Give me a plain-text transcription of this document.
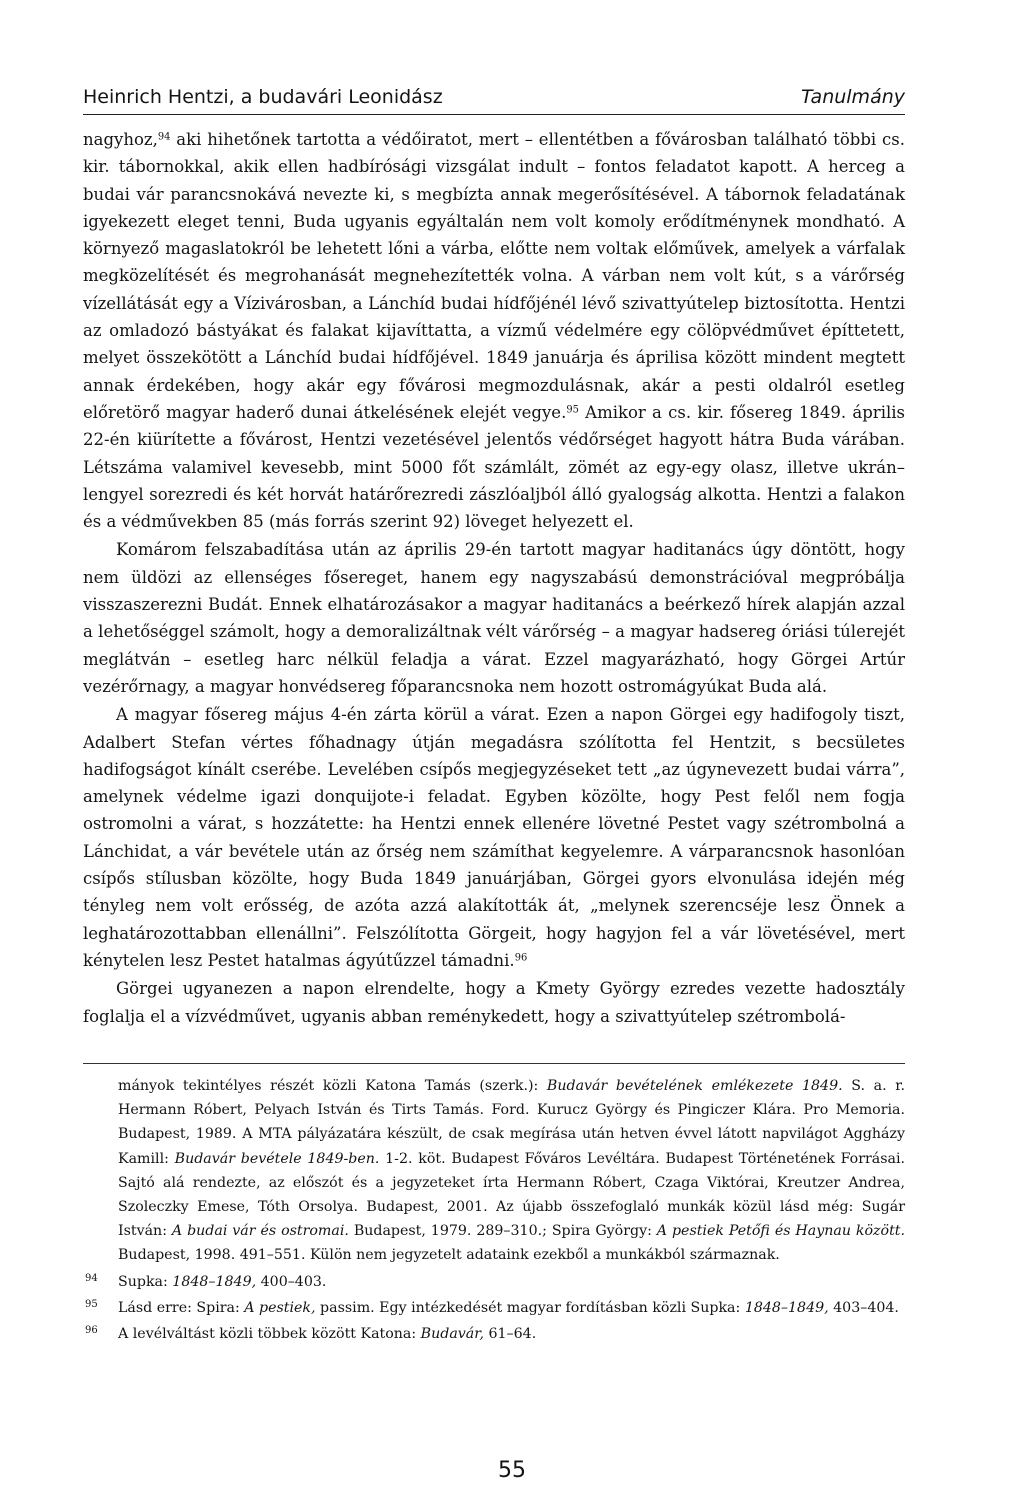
Heinrich Hentzi, a budavári Leonidász	Tanulmány

nagyhoz,$^{94}$ aki hihetőnek tartotta a védőiratot, mert – ellentétben a fővárosban található többi cs. kir. tábornokkal, akik ellen hadbírósági vizsgálat indult – fontos feladatot kapott. A herceg a budai vár parancsnokává nevezte ki, s megbízta annak megerősítésével. A tábornok feladatának igyekezett eleget tenni, Buda ugyanis egyáltalán nem volt komoly erődítménynek mondható. A környező magaslatokról be lehetett lőni a várba, előtte nem voltak előművek, amelyek a várfalak megközelítését és megrohanását megnehezítették volna. A várban nem volt kút, s a várőrség vízellátását egy a Vízivárosban, a Lánchíd budai hídfőjénél lévő szivattyútelep biztosította. Hentzi az omladozó bástyákat és falakat kijavíttatta, a vízmű védelmére egy cölöpvédművet építtetett, melyet összekötött a Lánchíd budai hídfőjével. 1849 januárja és áprilisa között mindent megtett annak érdekében, hogy akár egy fővárosi megmozdulásnak, akár a pesti oldalról esetleg előretörő magyar haderő dunai átkelésének elejét vegye.$^{95}$ Amikor a cs. kir. fősereg 1849. április 22-én kiürítette a fővárost, Hentzi vezetésével jelentős védőrséget hagyott hátra Buda várában. Létszáma valamivel kevesebb, mint 5000 főt számlált, zömét az egy-egy olasz, illetve ukrán–lengyel sorezredi és két horvát határőrezredi zászlóaljból álló gyalogság alkotta. Hentzi a falakon és a védművekben 85 (más forrás szerint 92) löveget helyezett el.

Komárom felszabadítása után az április 29-én tartott magyar haditanács úgy döntött, hogy nem üldözi az ellenséges fősereget, hanem egy nagyszabású demonstrációval megpróbálja visszaszerezni Budát. Ennek elhatározásakor a magyar haditanács a beérkező hírek alapján azzal a lehetőséggel számolt, hogy a demoralizáltnak vélt várőrség – a magyar hadsereg óriási túlerejét meglátván – esetleg harc nélkül feladja a várat. Ezzel magyarázható, hogy Görgei Artúr vezérőrnagy, a magyar honvédsereg főparancsnoka nem hozott ostromágyúkat Buda alá.

A magyar fősereg május 4-én zárta körül a várat. Ezen a napon Görgei egy hadifogoly tiszt, Adalbert Stefan vértes főhadnagy útján megadásra szólította fel Hentzit, s becsületes hadifogságot kínált cserébe. Levelében csípős megjegyzéseket tett „az úgynevezett budai várra”, amelynek védelme igazi donquijote-i feladat. Egyben közölte, hogy Pest felől nem fogja ostromolni a várat, s hozzátette: ha Hentzi ennek ellenére lövetné Pestet vagy szétrombolná a Lánchidat, a vár bevétele után az őrség nem számíthat kegyelemre. A várparancsnok hasonlóan csípős stílusban közölte, hogy Buda 1849 januárjában, Görgei gyors elvonulása idején még tényleg nem volt erősség, de azóta azzá alakították át, „melynek szerencséje lesz Önnek a leghatározottabban ellenállni”. Felszólította Görgeit, hogy hagyjon fel a vár lövetésével, mert kénytelen lesz Pestet hatalmas ágyútűzzel támadni.$^{96}$

Görgei ugyanezen a napon elrendelte, hogy a Kmety György ezredes vezette hadosztály foglalja el a vízvédművet, ugyanis abban reménykedett, hogy a szivattyútelep szétrombolá-

mányok tekintélyes részét közli Katona Tamás (szerk.): Budavár bevételének emlékezete 1849. S. a. r. Hermann Róbert, Pelyach István és Tirts Tamás. Ford. Kurucz György és Pingiczer Klára. Pro Memoria. Budapest, 1989. A MTA pályázatára készült, de csak megírása után hetven évvel látott napvilágot Aggházy Kamill: Budavár bevétele 1849-ben. 1-2. köt. Budapest Főváros Levéltára. Budapest Történetének Forrásai. Sajtó alá rendezte, az előszót és a jegyzeteket írta Hermann Róbert, Czaga Viktórai, Kreutzer Andrea, Szoleczky Emese, Tóth Orsolya. Budapest, 2001. Az újabb összefoglaló munkák közül lásd még: Sugár István: A budai vár és ostromai. Budapest, 1979. 289–310.; Spira György: A pestiek Petőfi és Haynau között. Budapest, 1998. 491–551. Külön nem jegyzetelt adataink ezekből a munkákból származnak.

94	Supka: 1848–1849, 400–403.

95	Lásd erre: Spira: A pestiek, passim. Egy intézkedését magyar fordításban közli Supka: 1848–1849, 403–404.

96	A levélváltást közli többek között Katona: Budavár, 61–64.

55
